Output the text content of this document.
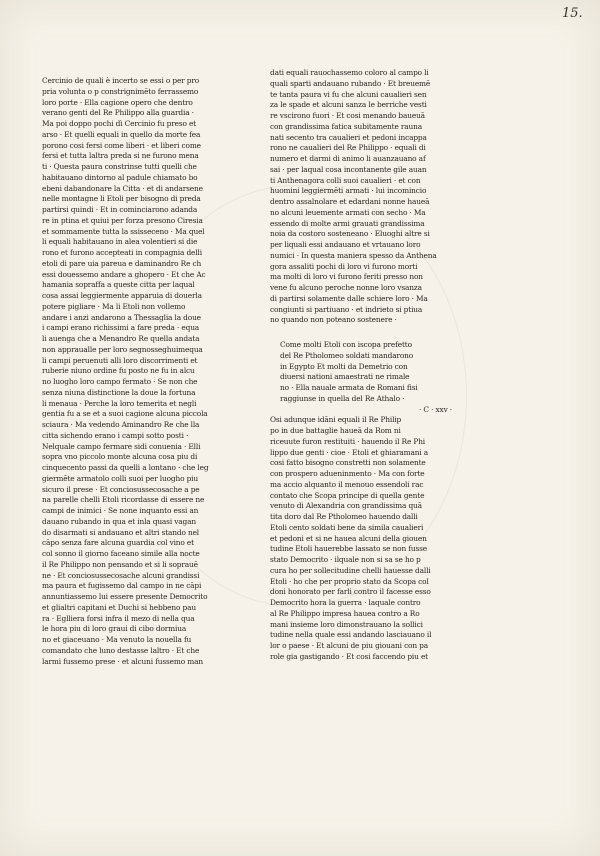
15.
Cercinio de quali è incerto se essi o per pro
pria volunta o p constrignimēto ferrassemo
loro porte · Ella cagione opero che dentro
verano genti del Re Philippo alla guardia ·
Ma poi doppo pochi dì Cercinio fu preso et
arso · Et quelli equali in quello da morte fea
porono cosi fersi come liberi · et liberi come
fersi et tutta laltra preda si ne furono mena
ti · Questa paura constrinse tutti quelli che
habitauano dintorno al padule chiamato bo
ebeni dabandonare la Citta · et di andarsene
nelle montagne li Etoli per bisogno di preda
partirsi quindi · Et in cominciarono adanda
re in ptina et quiui per forza presono Ciresia
et sommamente tutta la ssisseceno · Ma quel
li equali habitauano in alea volentieri si die
rono et furono accepteati in compagnia delli
etoli di pare uia pareua e daminandro Re ch
essi douessemo andare a ghopero · Et che Ac
hamania sopraffa a queste citta per laqual
cosa assai leggiermente apparuia di douerla
potere pigliare · Ma li Etoli non vollemo
andare i anzi andarono a Thessaglia la doue
i campi erano richissimi a fare preda · equa
li auenga che a Menandro Re quella andata
non appraualle per loro segnosseghuimequa
li campi peruenuti alli loro discorrimenti et
ruberie niuno ordine fu posto ne fu in alcu
no luogho loro campo fermato · Se non che
senza niuna distinctione la doue la fortuna
li menaua · Perche la loro temerita et negli
gentia fu a se et a suoi cagione alcuna piccola
sciaura · Ma vedendo Aminandro Re che lla
citta sichendo erano i campi sotto posti ·
Nelquale campo fermare sidi conuenia · Elli
sopra vno piccolo monte alcuna cosa piu di
cinquecento passi da quelli a lontano · che leg
giermēte armatolo colli suoi per luogho piu
sicuro il prese · Et conciosussecosache a pe
na parelle chelli Etoli ricordasse di essere ne
campi de inimici · Se none inquanto essi an
dauano rubando in qua et inla quasi vagan
do disarmati si andauano et altri stando nel
cāpo senza fare alcuna guardia col vino et
col sonno il giorno faceano simile alla nocte
il Re Philippo non pensando et si li soprauē
ne · Et conciosussecosache alcuni grandissi
ma paura et fugissemo dal campo in ne cāpi
annuntiassemo lui essere presente Democrito
et glialtri capitani et Duchi si hebbeno pau
ra · Eglliera forsi infra il mezo di nella qua
le hora piu di loro graui di cibo dormiua
no et giaceuano · Ma venuto la nouella fu
comandato che luno destasse laltro · Et che
larmi fussemo prese · et alcuni fussemo man
dati equali rauochassemo coloro al campo li
quali sparti andauano rubando · Et breuemē
te tanta paura vi fu che alcuni caualieri sen
za le spade et alcuni sanza le berriche vesti
re vscirono fuori · Et cosi menando baueuā
con grandissima fatica subitamente rauna
nati secento tra caualieri et pedoni incappa
rono ne caualieri del Re Philippo · equali di
numero et darmi di animo li auanzauano af
sai · per laqual cosa incontanente gile auan
ti Anthenagora colli suoi caualieri · et con
huomini leggiermēti armati · lui incomincio
dentro assalnolare et edardani nonne haueā
no alcuni leuemente armati con secho · Ma
essendo di molte armi grauati grandissima
noia da costoro sosteneano · Eluoghi altre si
per liquali essi andauano et vrtauano loro
numici · In questa maniera spesso da Anthena
gora assaliti pochi di loro vi furono morti
ma molti di loro vi furono feriti presso non
vene fu alcuno peroche nonne loro vsanza
di partirsi solamente dalle schiere loro · Ma
congiunti si partiuano · et indrieto si ptiua
no quando non poteano sostenere ·
Come molti Etoli con iscopa prefetto
del Re Ptholomeo soldati mandarono
in Egypto Et molti da Demetrio con
diuersi nationi amaestrati ne rimale
no · Ella nauale armata de Romani fisi
raggiunse in quella del Re Athalo ·
· C · xxv ·
Osi adunque idāni equali il Re Philip
po in due battaglie haueā da Rom ni
riceuute furon restituiti · hauendo il Re Phi
lippo due genti · cioe · Etoli et ghiaramani a
cosi fatto bisogno constretti non solamente
con prospero adueninmento · Ma con forte
ma accio alquanto il menouo essendoli rac
contato che Scopa principe di quella gente
venuto di Alexandria con grandissima quā
tita doro dal Re Ptholomeo hauendo dalli
Etoli cento soldati bene da simila caualieri
et pedoni et si ne hauea alcuni della giouen
tudine Etoli hauerebbe lassato se non fusse
stato Democrito · ilquale non si sa se ho p
cura ho per sollecitudine chelli hauesse dalli
Etoli · ho che per proprio stato da Scopa col
doni honorato per farli contro il facesse esso
Democrito hora la guerra · laquale contro
al Re Philippo impresa hauea contro a Ro
mani insieme loro dimonstrauano la sollici
tudine nella quale essi andando lasciauano il
lor o paese · Et alcuni de piu giouani con pa
role gia gastigando · Et cosi faccendo piu et
